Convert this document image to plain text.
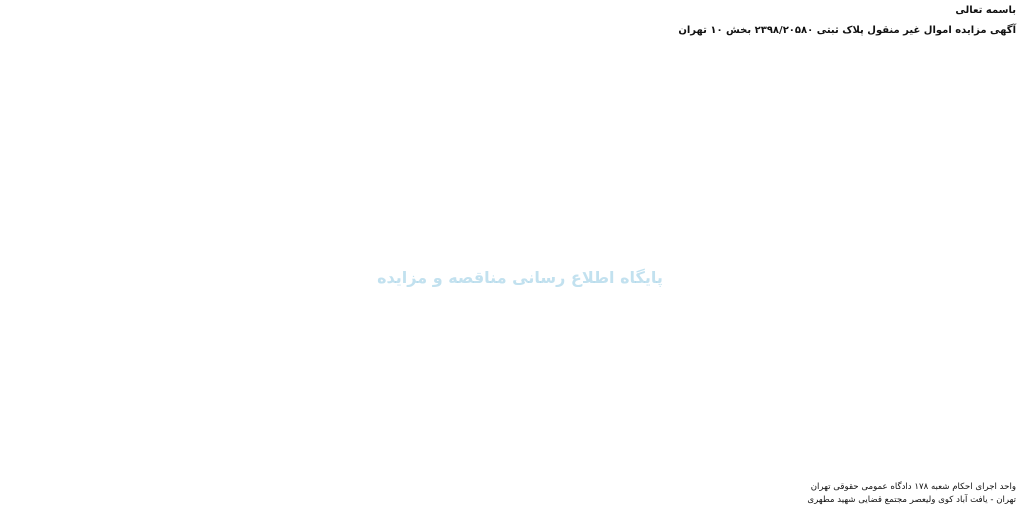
باسمه تعالی
آگهی مزایده اموال غیر منقول پلاک ثبتی ۲۳۹۸/۲۰۵۸۰ بخش ۱۰ تهران
پایگاه اطلاع رسانی مناقصه و مزایده
واحد اجرای احکام شعبه ۱۷۸ دادگاه عمومی حقوقی تهران
تهران - یافت آباد کوی ولیعصر مجتمع قضایی شهید مطهری
